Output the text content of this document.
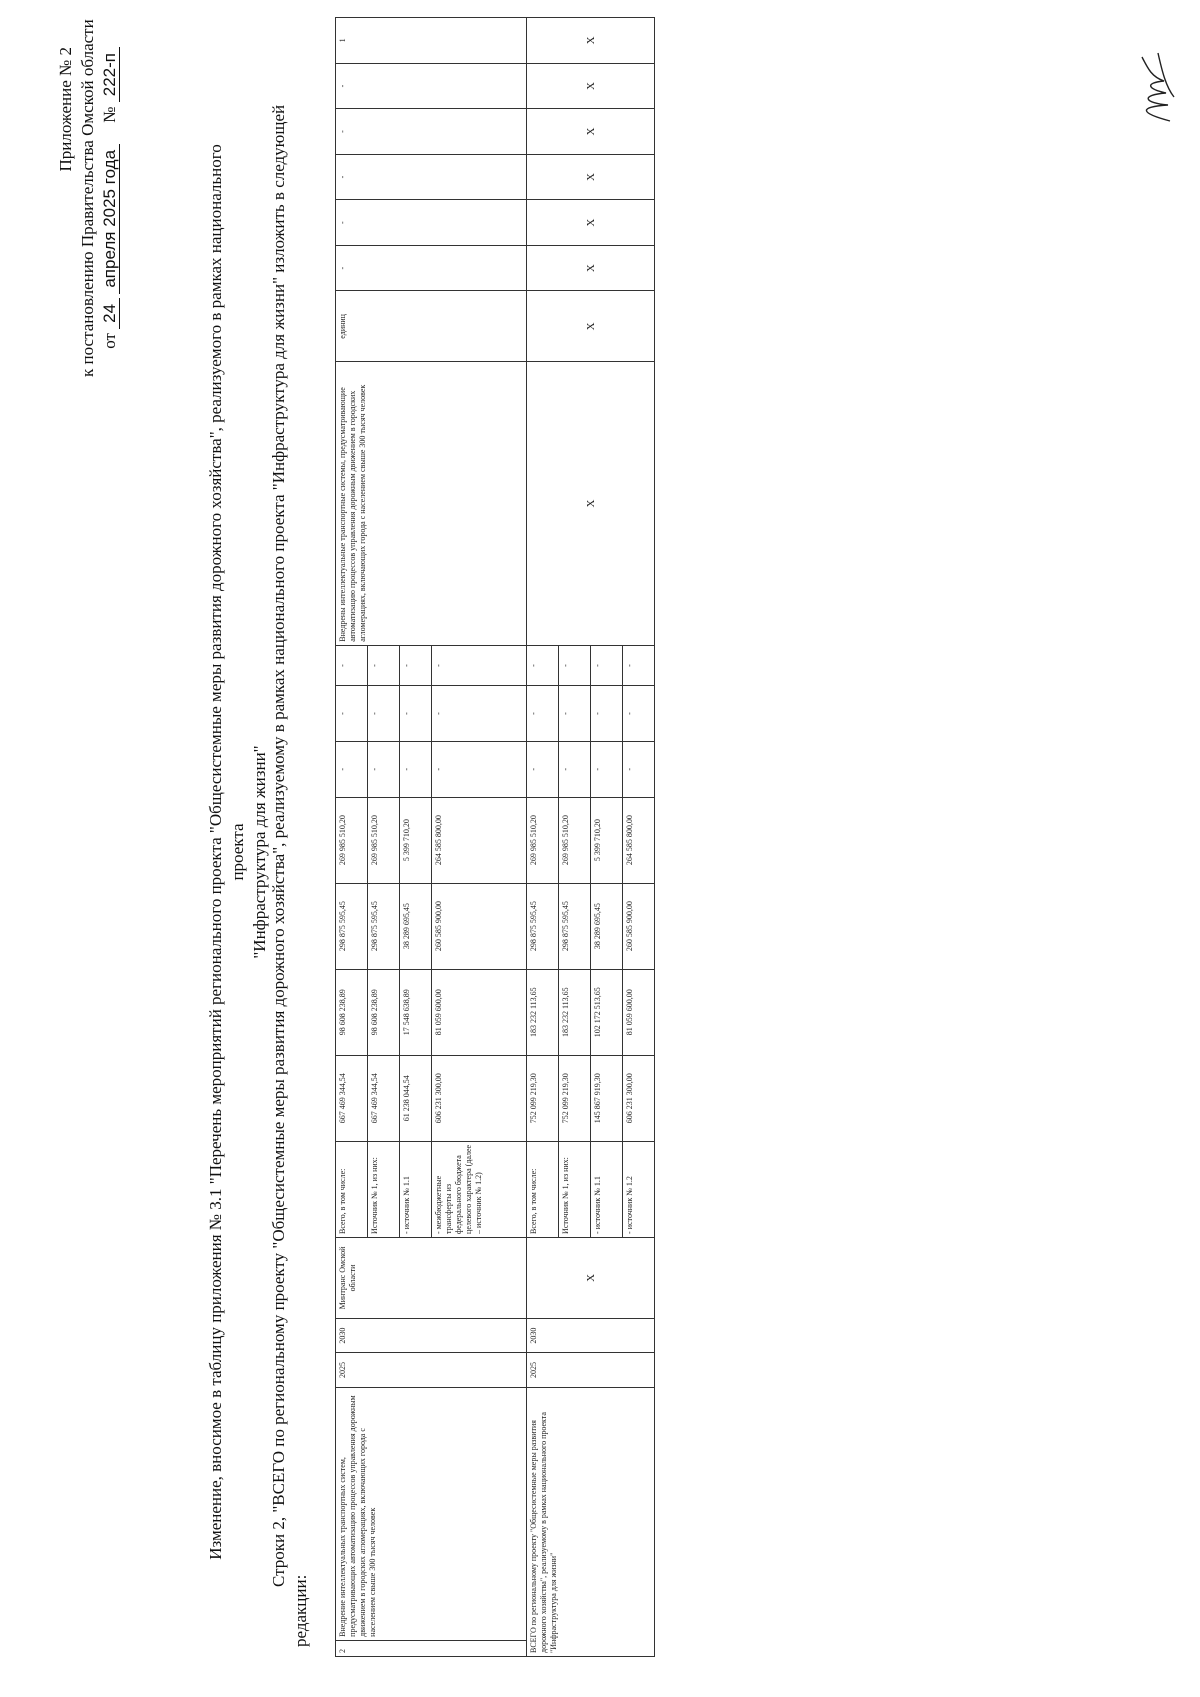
Приложение № 2 к постановлению Правительства Омской области от 24 апреля 2025 года     № 222-п
Изменение, вносимое в таблицу приложения № 3.1 "Перечень мероприятий регионального проекта "Общесистемные меры развития дорожного хозяйства", реализуемого в рамках национального проекта "Инфраструктура для жизни" Строки 2, "ВСЕГО по региональному проекту "Общесистемные меры развития дорожного хозяйства", реализуемому в рамках национального проекта "Инфраструктура для жизни" изложить в следующей редакции:
2	Внедрение интеллектуальных транспортных систем, предусматривающих автоматизацию процессов управления дорожным движением в городских агломерациях, включающих города с населением свыше 300 тысяч человек	2025	2030	Минтранс Омской области	Всего, в том числе:	667 469 344,54	98 608 238,89	298 875 595,45	269 985 510,20	-	-	-	Внедрены интеллектуальные транспортные системы, предусматривающие автоматизацию процессов управления дорожным движением в городских агломерациях, включающих города с населением свыше 300 тысяч человек	единиц	-	-	-	-	-	1
					Источник № 1, из них:	667 469 344,54	98 608 238,89	298 875 595,45	269 985 510,20	-	-	-								
					- источник № 1.1	61 238 044,54	17 548 638,89	38 289 695,45	5 399 710,20	-	-	-								
					- межбюджетные трансферты из федерального бюджета целевого характера (далее – источник № 1.2)	606 231 300,00	81 059 600,00	260 585 900,00	264 585 800,00	-	-	-								
ВСЕГО по региональному проекту "Общесистемные меры развития дорожного хозяйства", реализуемому в рамках национального проекта "Инфраструктура для жизни"		2025	2030	X	Всего, в том числе:	752 099 219,30	183 232 113,65	298 875 595,45	269 985 510,20	-	-	-	X	X	X	X	X	X	X	X
					Источник № 1, из них:	752 099 219,30	183 232 113,65	298 875 595,45	269 985 510,20	-	-	-								
					- источник № 1.1	145 867 919,30	102 172 513,65	38 289 695,45	5 399 710,20	-	-	-								
					- источник № 1.2	606 231 300,00	81 059 600,00	260 585 900,00	264 585 800,00	-	-	-								
